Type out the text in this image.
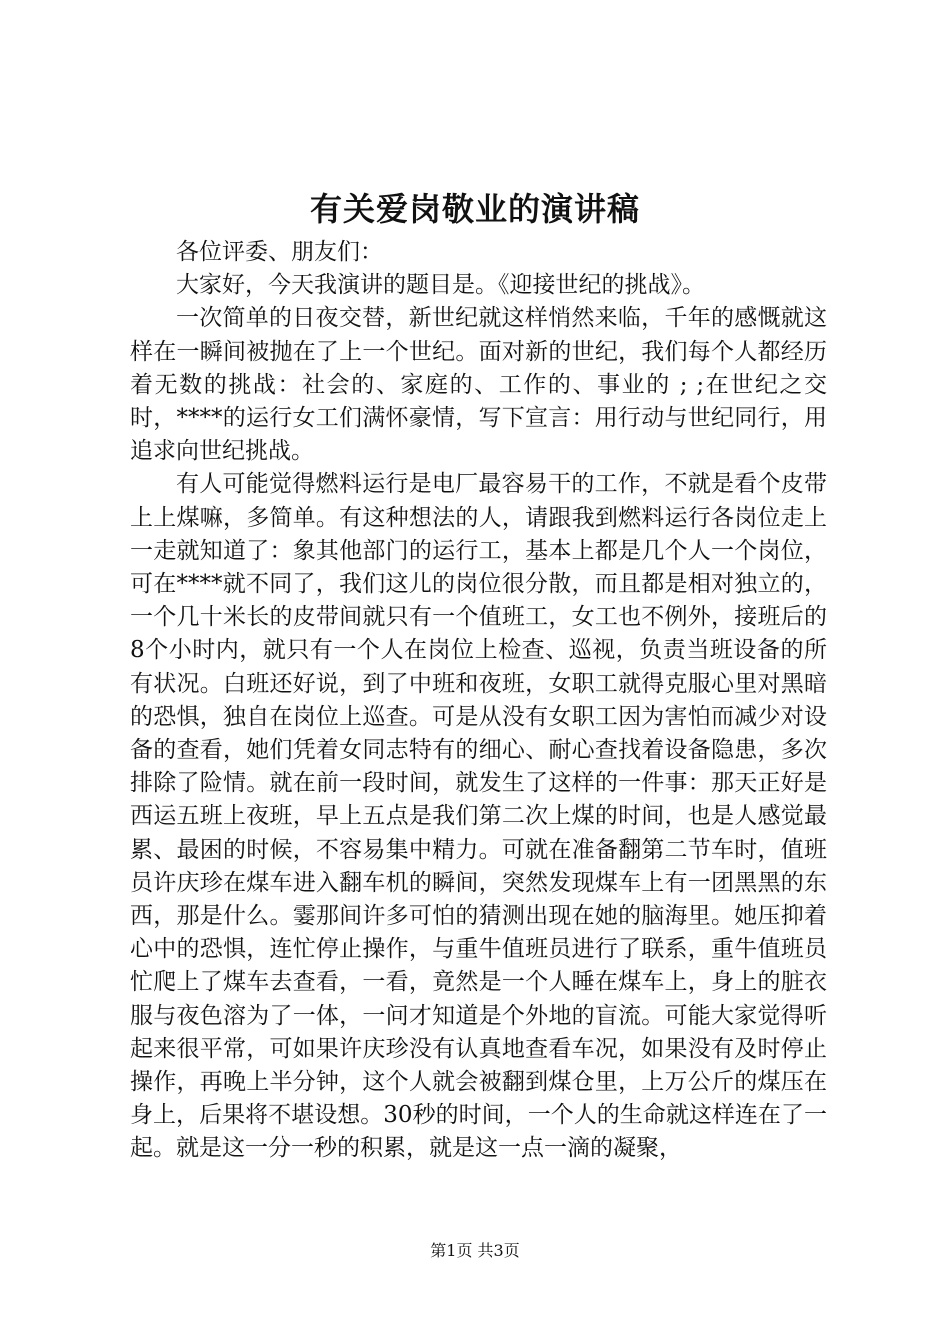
有关爱岗敬业的演讲稿

各位评委、朋友们：

大家好，今天我演讲的题目是。《迎接世纪的挑战》。

一次简单的日夜交替，新世纪就这样悄然来临，千年的感慨就这样在一瞬间被抛在了上一个世纪。面对新的世纪，我们每个人都经历着无数的挑战：社会的、家庭的、工作的、事业的 ; ;在世纪之交时，****的运行女工们满怀豪情，写下宣言：用行动与世纪同行，用追求向世纪挑战。

有人可能觉得燃料运行是电厂最容易干的工作，不就是看个皮带上上煤嘛，多简单。有这种想法的人，请跟我到燃料运行各岗位走上一走就知道了：象其他部门的运行工，基本上都是几个人一个岗位，可在****就不同了，我们这儿的岗位很分散，而且都是相对独立的，一个几十米长的皮带间就只有一个值班工，女工也不例外，接班后的8个小时内，就只有一个人在岗位上检查、巡视，负责当班设备的所有状况。白班还好说，到了中班和夜班，女职工就得克服心里对黑暗的恐惧，独自在岗位上巡查。可是从没有女职工因为害怕而减少对设备的查看，她们凭着女同志特有的细心、耐心查找着设备隐患，多次排除了险情。就在前一段时间，就发生了这样的一件事：那天正好是西运五班上夜班，早上五点是我们第二次上煤的时间，也是人感觉最累、最困的时候，不容易集中精力。可就在准备翻第二节车时，值班员许庆珍在煤车进入翻车机的瞬间，突然发现煤车上有一团黑黑的东西，那是什么。霎那间许多可怕的猜测出现在她的脑海里。她压抑着心中的恐惧，连忙停止操作，与重牛值班员进行了联系，重牛值班员忙爬上了煤车去查看，一看，竟然是一个人睡在煤车上，身上的脏衣服与夜色溶为了一体，一问才知道是个外地的盲流。可能大家觉得听起来很平常，可如果许庆珍没有认真地查看车况，如果没有及时停止操作，再晚上半分钟，这个人就会被翻到煤仓里，上万公斤的煤压在身上，后果将不堪设想。30秒的时间，一个人的生命就这样连在了一起。就是这一分一秒的积累，就是这一点一滴的凝聚，

第1页 共3页
